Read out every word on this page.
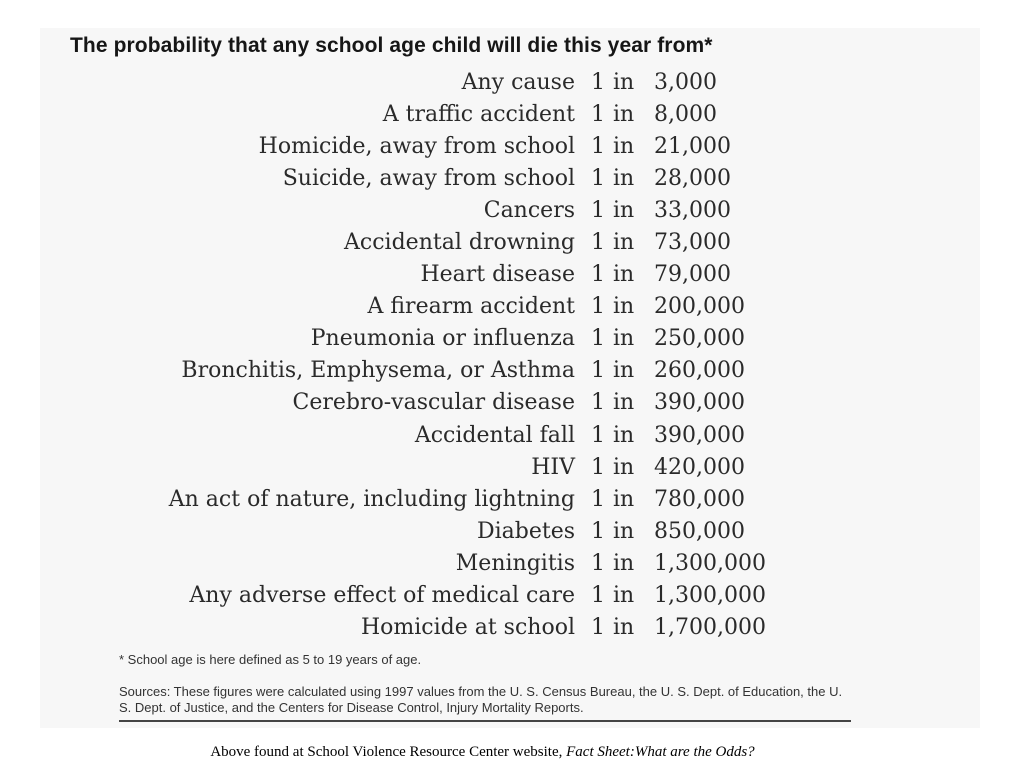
The probability that any school age child will die this year from*
Any cause 1 in 3,000
A traffic accident 1 in 8,000
Homicide, away from school 1 in 21,000
Suicide, away from school 1 in 28,000
Cancers 1 in 33,000
Accidental drowning 1 in 73,000
Heart disease 1 in 79,000
A firearm accident 1 in 200,000
Pneumonia or influenza 1 in 250,000
Bronchitis, Emphysema, or Asthma 1 in 260,000
Cerebro-vascular disease 1 in 390,000
Accidental fall 1 in 390,000
HIV 1 in 420,000
An act of nature, including lightning 1 in 780,000
Diabetes 1 in 850,000
Meningitis 1 in 1,300,000
Any adverse effect of medical care 1 in 1,300,000
Homicide at school 1 in 1,700,000
* School age is here defined as 5 to 19 years of age.
Sources: These figures were calculated using 1997 values from the U. S. Census Bureau, the U. S. Dept. of Education, the U. S. Dept. of Justice, and the Centers for Disease Control, Injury Mortality Reports.
Above found at School Violence Resource Center website, Fact Sheet:What are the Odds?
